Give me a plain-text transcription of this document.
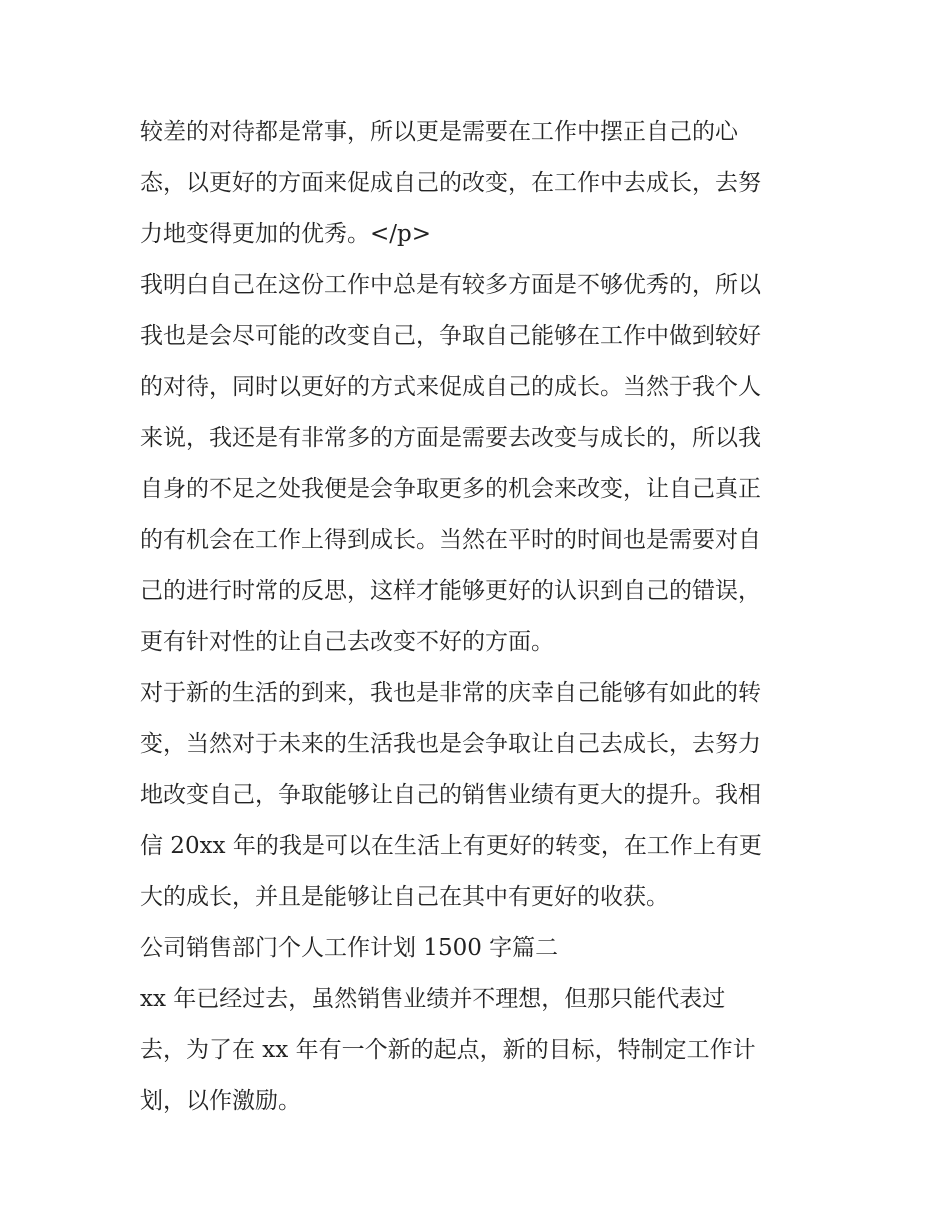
较差的对待都是常事，所以更是需要在工作中摆正自己的心
态，以更好的方面来促成自己的改变，在工作中去成长，去努
力地变得更加的优秀。</p>
我明白自己在这份工作中总是有较多方面是不够优秀的，所以
我也是会尽可能的改变自己，争取自己能够在工作中做到较好
的对待，同时以更好的方式来促成自己的成长。当然于我个人
来说，我还是有非常多的方面是需要去改变与成长的，所以我
自身的不足之处我便是会争取更多的机会来改变，让自己真正
的有机会在工作上得到成长。当然在平时的时间也是需要对自
己的进行时常的反思，这样才能够更好的认识到自己的错误，
更有针对性的让自己去改变不好的方面。
对于新的生活的到来，我也是非常的庆幸自己能够有如此的转
变，当然对于未来的生活我也是会争取让自己去成长，去努力
地改变自己，争取能够让自己的销售业绩有更大的提升。我相
信 20xx 年的我是可以在生活上有更好的转变，在工作上有更
大的成长，并且是能够让自己在其中有更好的收获。
公司销售部门个人工作计划 1500 字篇二
xx 年已经过去，虽然销售业绩并不理想，但那只能代表过
去，为了在 xx 年有一个新的起点，新的目标，特制定工作计
划，以作激励。
